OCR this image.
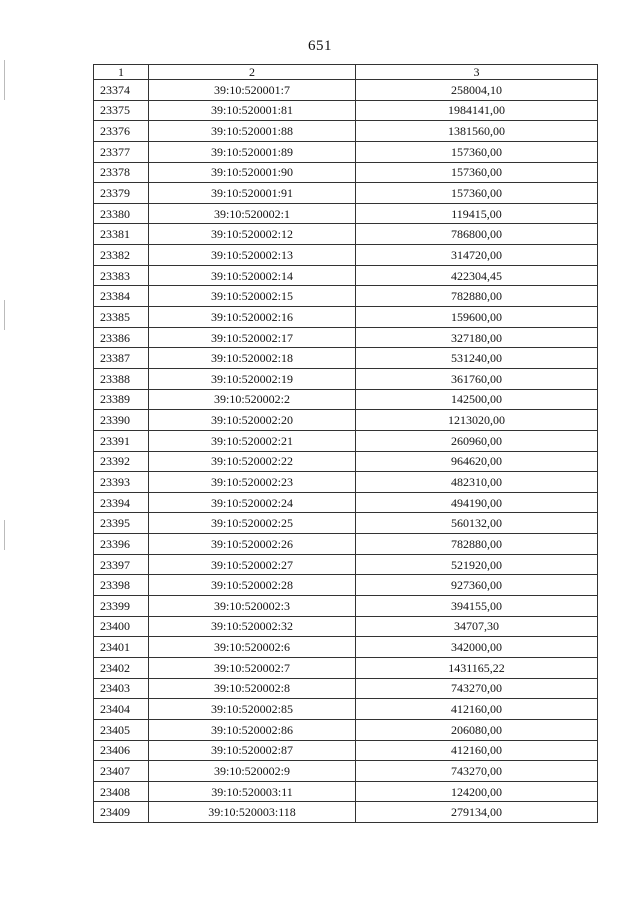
651
1	2	3
23374	39:10:520001:7	258004,10
23375	39:10:520001:81	1984141,00
23376	39:10:520001:88	1381560,00
23377	39:10:520001:89	157360,00
23378	39:10:520001:90	157360,00
23379	39:10:520001:91	157360,00
23380	39:10:520002:1	119415,00
23381	39:10:520002:12	786800,00
23382	39:10:520002:13	314720,00
23383	39:10:520002:14	422304,45
23384	39:10:520002:15	782880,00
23385	39:10:520002:16	159600,00
23386	39:10:520002:17	327180,00
23387	39:10:520002:18	531240,00
23388	39:10:520002:19	361760,00
23389	39:10:520002:2	142500,00
23390	39:10:520002:20	1213020,00
23391	39:10:520002:21	260960,00
23392	39:10:520002:22	964620,00
23393	39:10:520002:23	482310,00
23394	39:10:520002:24	494190,00
23395	39:10:520002:25	560132,00
23396	39:10:520002:26	782880,00
23397	39:10:520002:27	521920,00
23398	39:10:520002:28	927360,00
23399	39:10:520002:3	394155,00
23400	39:10:520002:32	34707,30
23401	39:10:520002:6	342000,00
23402	39:10:520002:7	1431165,22
23403	39:10:520002:8	743270,00
23404	39:10:520002:85	412160,00
23405	39:10:520002:86	206080,00
23406	39:10:520002:87	412160,00
23407	39:10:520002:9	743270,00
23408	39:10:520003:11	124200,00
23409	39:10:520003:118	279134,00
